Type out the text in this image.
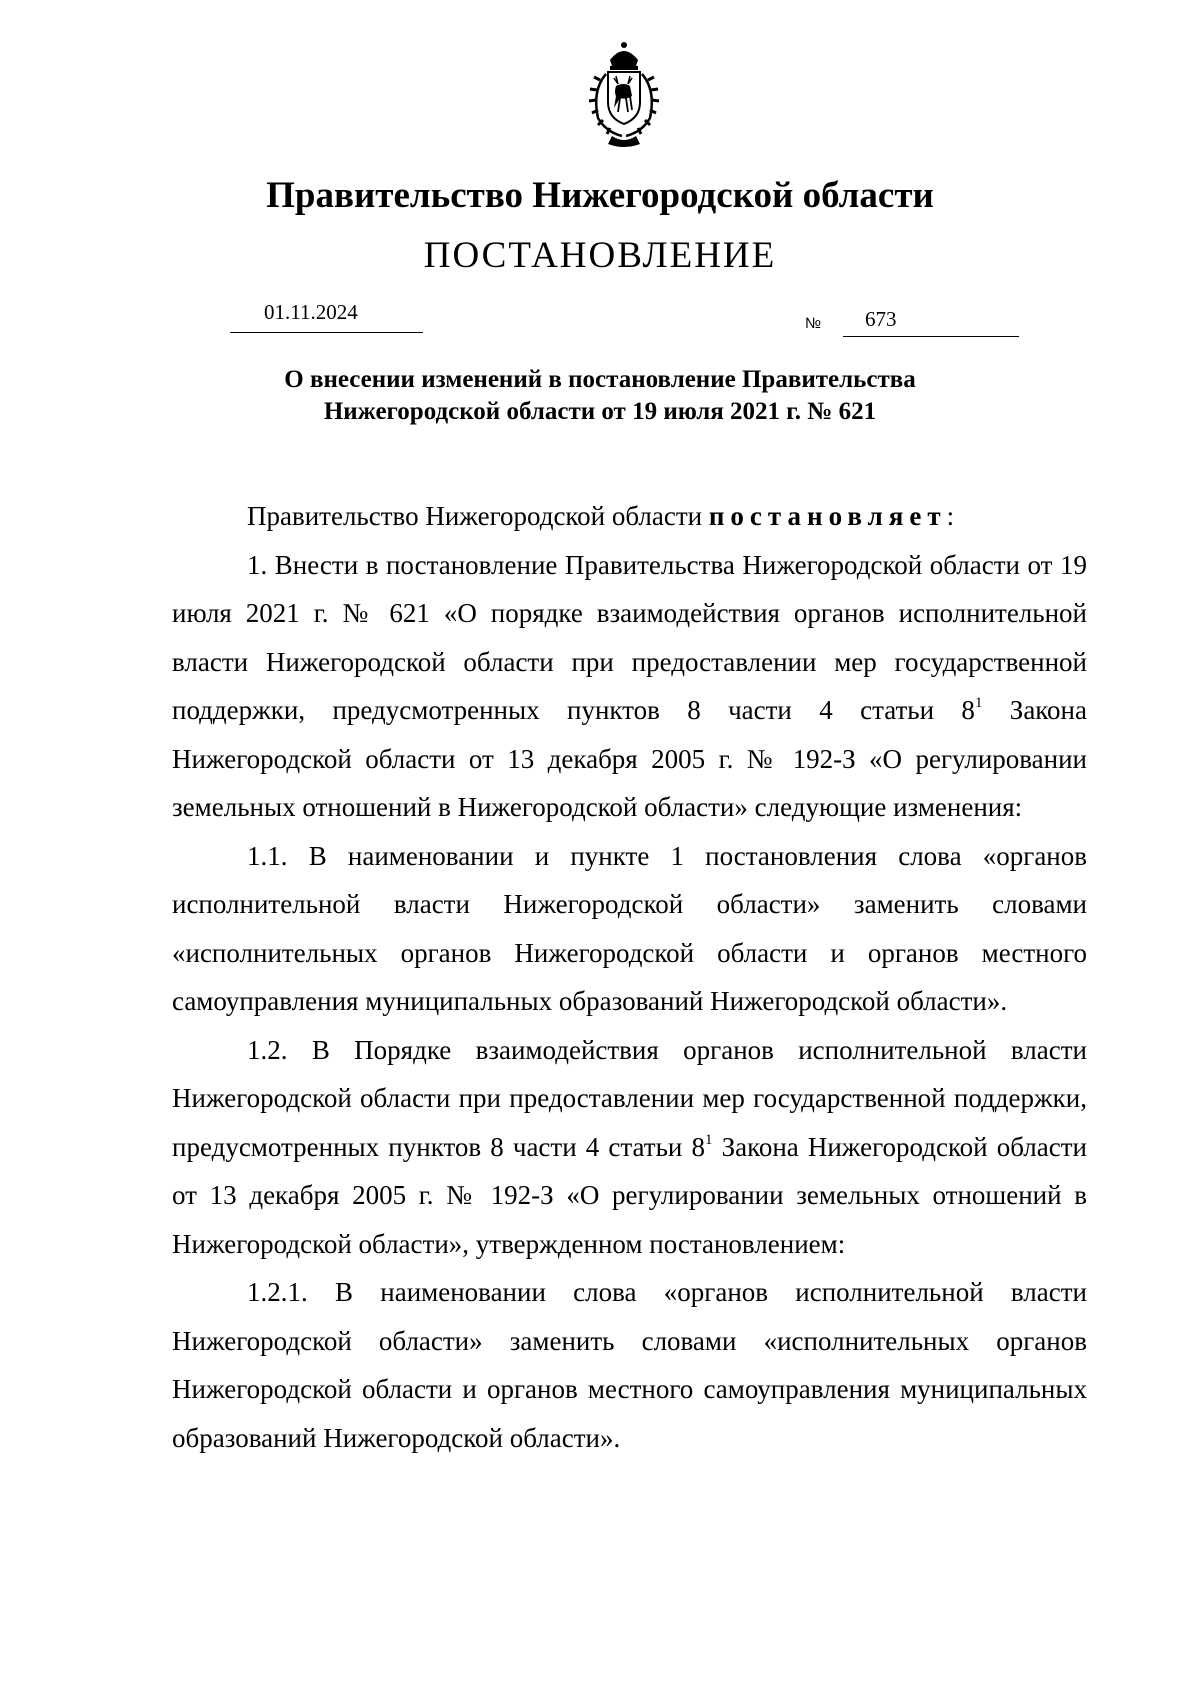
Правительство Нижегородской области
ПОСТАНОВЛЕНИЕ
01.11.2024	№ 673
О внесении изменений в постановление Правительства
Нижегородской области от 19 июля 2021 г. № 621

Правительство Нижегородской области постановляет:

1. Внести в постановление Правительства Нижегородской области от 19 июля 2021 г. № 621 «О порядке взаимодействия органов исполнительной власти Нижегородской области при предоставлении мер государственной поддержки, предусмотренных пунктов 8 части 4 статьи $8^1$ Закона Нижегородской области от 13 декабря 2005 г. № 192-З «О регулировании земельных отношений в Нижегородской области» следующие изменения:

1.1. В наименовании и пункте 1 постановления слова «органов исполнительной власти Нижегородской области» заменить словами «исполнительных органов Нижегородской области и органов местного самоуправления муниципальных образований Нижегородской области».

1.2. В Порядке взаимодействия органов исполнительной власти Нижегородской области при предоставлении мер государственной поддержки, предусмотренных пунктов 8 части 4 статьи $8^1$ Закона Нижегородской области от 13 декабря 2005 г. № 192-З «О регулировании земельных отношений в Нижегородской области», утвержденном постановлением:

1.2.1. В наименовании слова «органов исполнительной власти Нижегородской области» заменить словами «исполнительных органов Нижегородской области и органов местного самоуправления муниципальных образований Нижегородской области».
